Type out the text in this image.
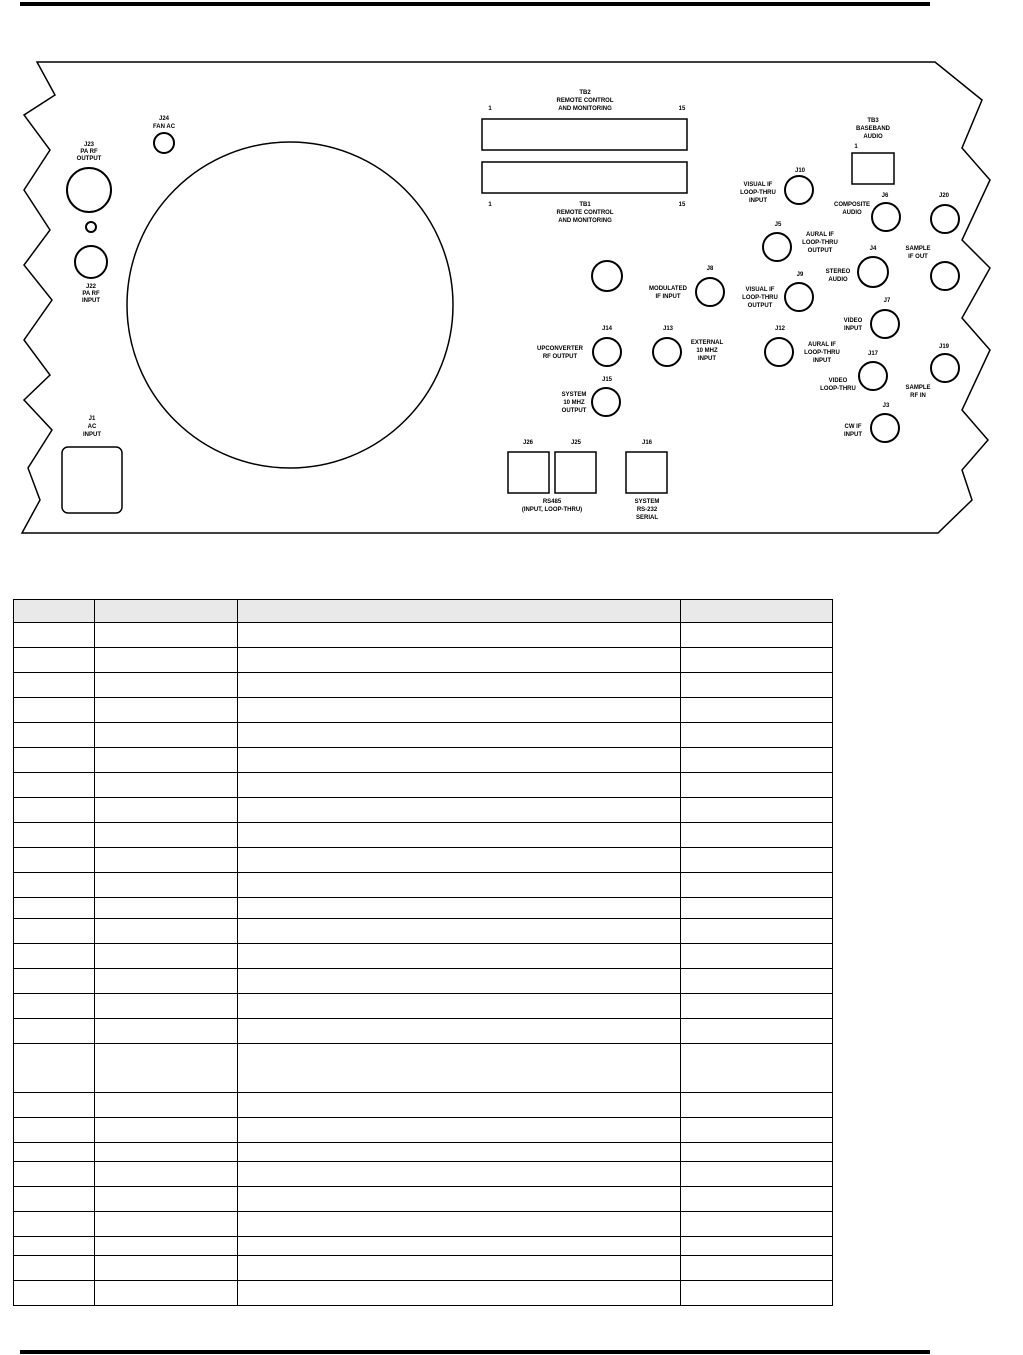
J24
FAN AC
J23
PA RF
OUTPUT
J22
PA RF
INPUT
J1
AC
INPUT
TB2
REMOTE CONTROL
AND MONITORING
1	15
1	15
TB1
REMOTE CONTROL
AND MONITORING
TB3
BASEBAND
AUDIO
1
J10
VISUAL IF
LOOP-THRU
INPUT
J6
COMPOSITE
AUDIO
J20
SAMPLE
IF OUT
J5
AURAL IF
LOOP-THRU
OUTPUT	J4
STEREO
AUDIO
J8
MODULATED
IF INPUT
J9
VISUAL IF
LOOP-THRU
OUTPUT
J7
VIDEO
INPUT
J14
UPCONVERTER
RF OUTPUT
J13
EXTERNAL
10 MHZ
INPUT
J12
AURAL IF
LOOP-THRU
INPUT
J19
SAMPLE
RF IN
J17
VIDEO
LOOP-THRU
J15
SYSTEM
10 MHZ
OUTPUT
J3
CW IF
INPUT
J26	J25
RS485
(INPUT, LOOP-THRU)
J16
SYSTEM
RS-232
SERIAL
